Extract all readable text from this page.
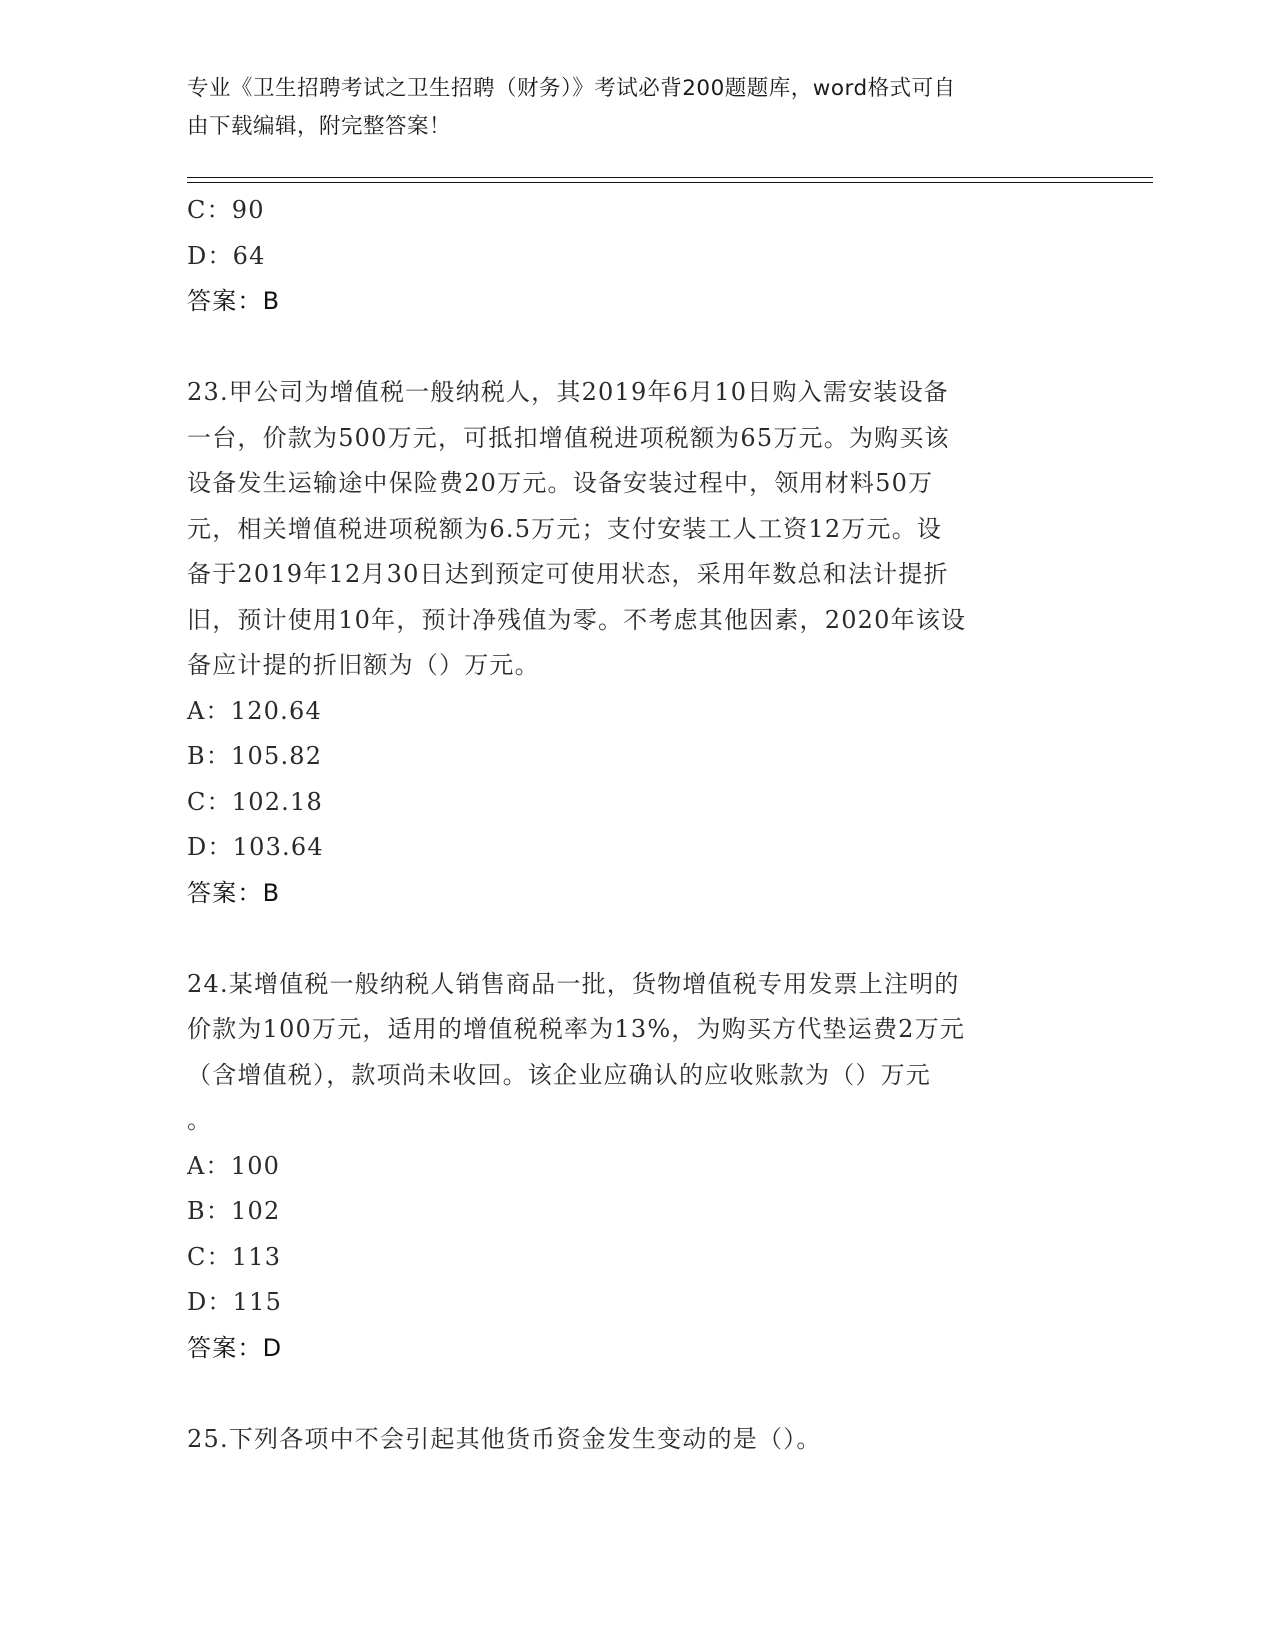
专业《卫生招聘考试之卫生招聘（财务）》考试必背200题题库，word格式可自
由下载编辑，附完整答案！
C：90
D：64
答案：B
23.甲公司为增值税一般纳税人，其2019年6月10日购入需安装设备
一台，价款为500万元，可抵扣增值税进项税额为65万元。为购买该
设备发生运输途中保险费20万元。设备安装过程中，领用材料50万
元，相关增值税进项税额为6.5万元；支付安装工人工资12万元。设
备于2019年12月30日达到预定可使用状态，采用年数总和法计提折
旧，预计使用10年，预计净残值为零。不考虑其他因素，2020年该设
备应计提的折旧额为（）万元。
A：120.64
B：105.82
C：102.18
D：103.64
答案：B
24.某增值税一般纳税人销售商品一批，货物增值税专用发票上注明的
价款为100万元，适用的增值税税率为13%，为购买方代垫运费2万元
（含增值税），款项尚未收回。该企业应确认的应收账款为（）万元
。
A：100
B：102
C：113
D：115
答案：D
25.下列各项中不会引起其他货币资金发生变动的是（）。
